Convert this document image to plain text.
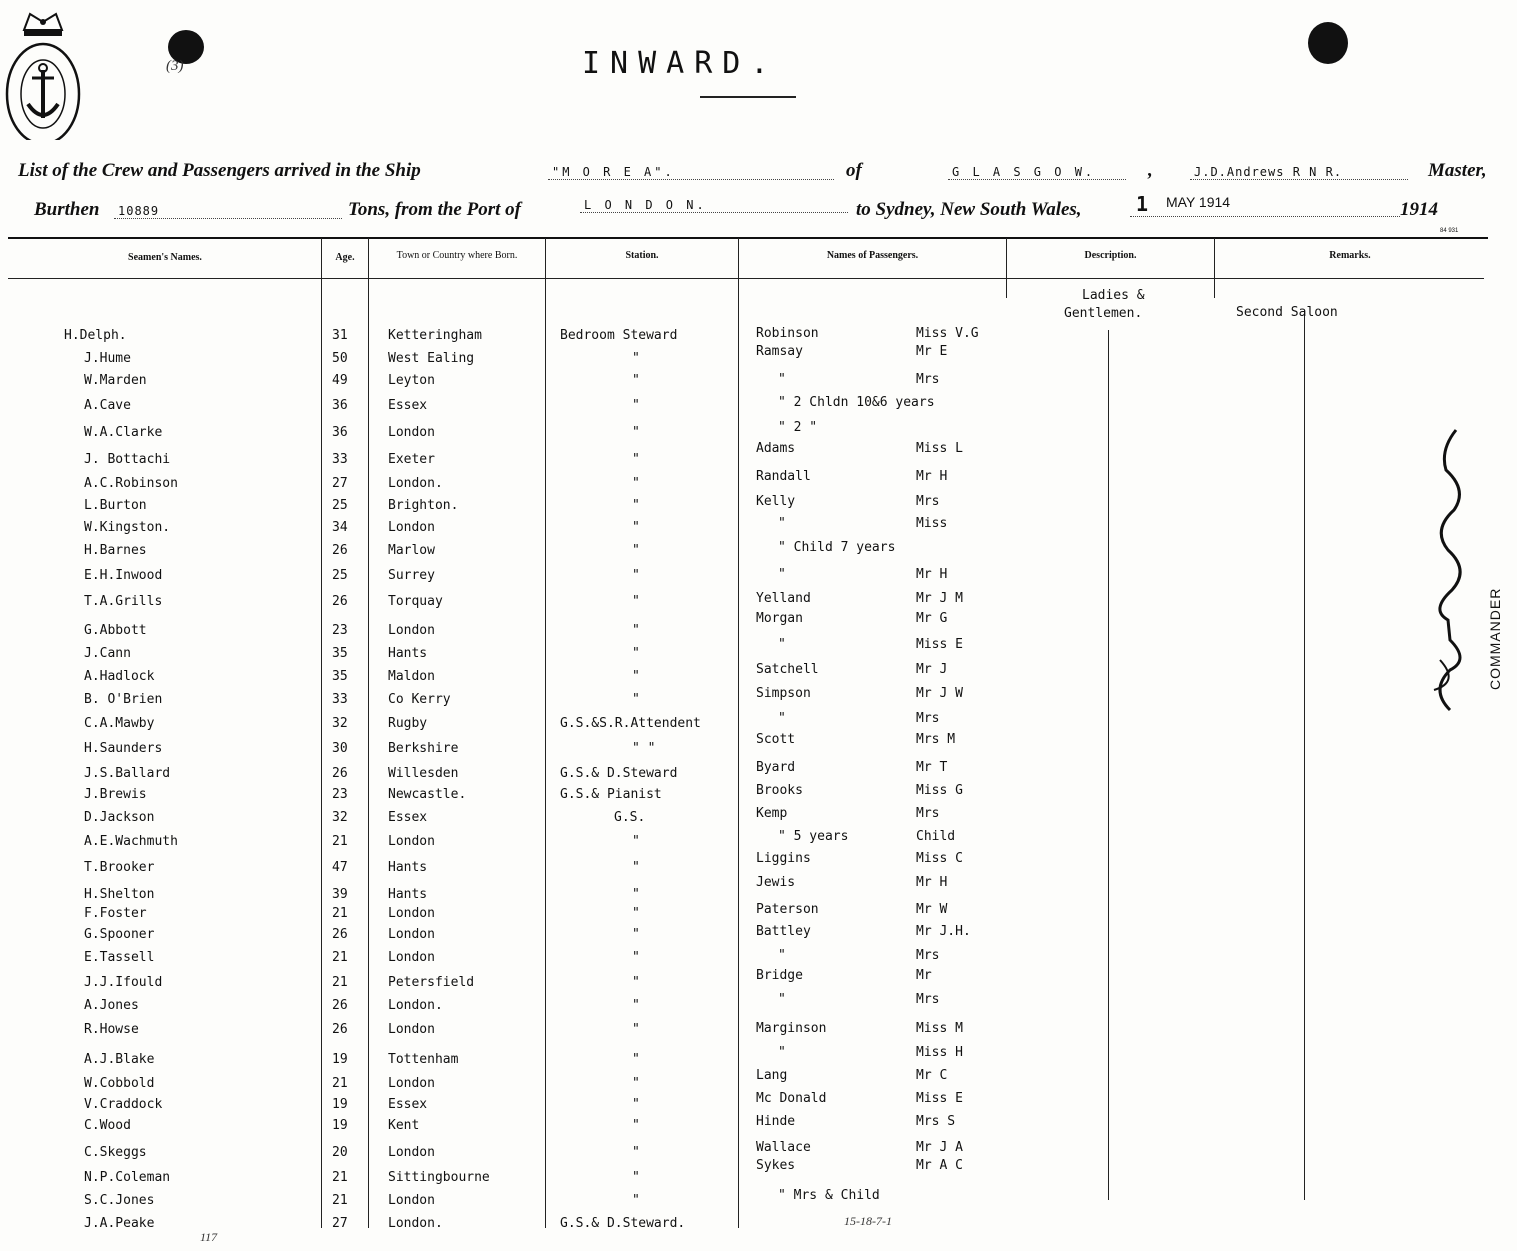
(3)	INWARD.
List of the Crew and Passengers arrived in the Ship	"M O R E A".	of	G L A S G O W.	,	J.D.Andrews R N R.	Master,
Burthen	10889	Tons, from the Port of	L O N D O N.	to Sydney, New South Wales,	1 MAY 1914	1914
84 931
Seamen's Names.	Age.	Town or Country where Born.	Station.	Names of Passengers.	Description.	Remarks.
Ladies &
Gentlemen.	Second Saloon
H.Delph.	31	Ketteringham	Bedroom Steward
J.Hume	50	West Ealing	"
W.Marden	49	Leyton	"
A.Cave	36	Essex	"
W.A.Clarke	36	London	"
J. Bottachi	33	Exeter	"
A.C.Robinson	27	London.	"
L.Burton	25	Brighton.	"
W.Kingston.	34	London	"
H.Barnes	26	Marlow	"
E.H.Inwood	25	Surrey	"
T.A.Grills	26	Torquay	"
G.Abbott	23	London	"
J.Cann	35	Hants	"
A.Hadlock	35	Maldon	"
B. O'Brien	33	Co Kerry	"
C.A.Mawby	32	Rugby	G.S.&S.R.Attendent
H.Saunders	30	Berkshire	" "
J.S.Ballard	26	Willesden	G.S.& D.Steward
J.Brewis	23	Newcastle.	G.S.& Pianist
D.Jackson	32	Essex	G.S.
A.E.Wachmuth	21	London	"
T.Brooker	47	Hants	"
H.Shelton	39	Hants	"
F.Foster	21	London	"
G.Spooner	26	London	"
E.Tassell	21	London	"
J.J.Ifould	21	Petersfield	"
A.Jones	26	London.	"
R.Howse	26	London	"
A.J.Blake	19	Tottenham	"
W.Cobbold	21	London	"
V.Craddock	19	Essex	"
C.Wood	19	Kent	"
C.Skeggs	20	London	"
N.P.Coleman	21	Sittingbourne	"
S.C.Jones	21	London	"
J.A.Peake	27	London.	G.S.& D.Steward.
Robinson	Miss V.G
Ramsay	Mr E
"	Mrs
" 2 Chldn 10&6 years
" 2 "
Adams	Miss L
Randall	Mr H
Kelly	Mrs
"	Miss
" Child 7 years
"	Mr H
Yelland	Mr J M
Morgan	Mr G
"	Miss E
Satchell	Mr J
Simpson	Mr J W
"	Mrs
Scott	Mrs M
Byard	Mr T
Brooks	Miss G
Kemp	Mrs
" 5 years	Child
Liggins	Miss C
Jewis	Mr H
Paterson	Mr W
Battley	Mr J.H.
"	Mrs
Bridge	Mr
"	Mrs
Marginson	Miss M
"	Miss H
Lang	Mr C
Mc Donald	Miss E
Hinde	Mrs S
Wallace	Mr J A
Sykes	Mr A C
" Mrs & Child
COMMANDER
117
15-18-7-1
